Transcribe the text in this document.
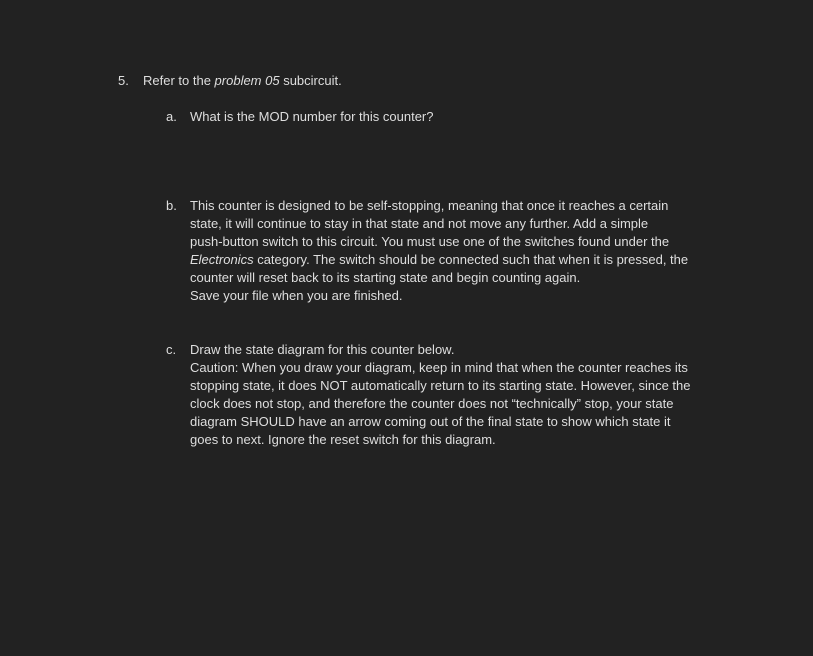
5. Refer to the problem 05 subcircuit.
a. What is the MOD number for this counter?
b. This counter is designed to be self-stopping, meaning that once it reaches a certain
state, it will continue to stay in that state and not move any further. Add a simple
push-button switch to this circuit. You must use one of the switches found under the
Electronics category. The switch should be connected such that when it is pressed, the
counter will reset back to its starting state and begin counting again.
Save your file when you are finished.
c. Draw the state diagram for this counter below.
Caution: When you draw your diagram, keep in mind that when the counter reaches its
stopping state, it does NOT automatically return to its starting state. However, since the
clock does not stop, and therefore the counter does not “technically” stop, your state
diagram SHOULD have an arrow coming out of the final state to show which state it
goes to next. Ignore the reset switch for this diagram.
